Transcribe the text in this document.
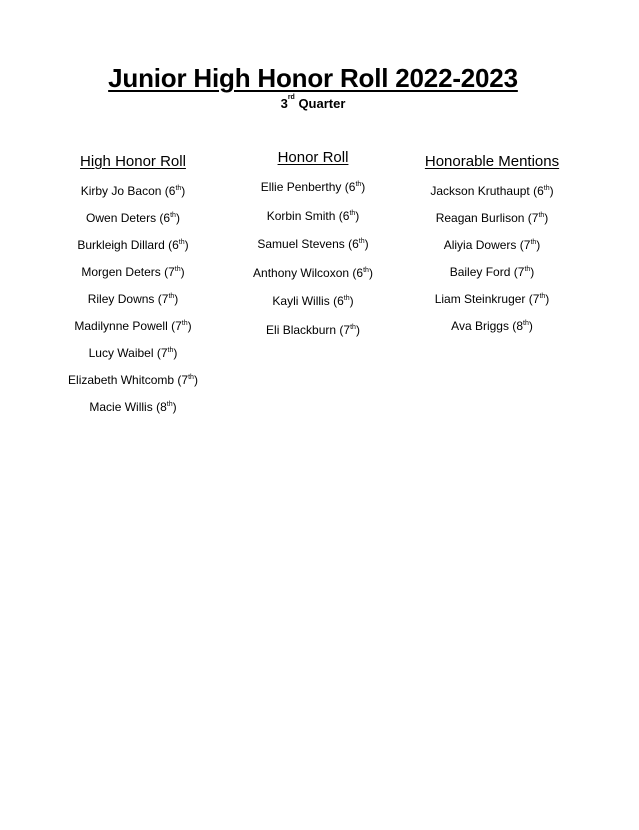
Junior High Honor Roll 2022-2023
3rd Quarter
High Honor Roll
Kirby Jo Bacon (6th)
Owen Deters (6th)
Burkleigh Dillard (6th)
Morgen Deters (7th)
Riley Downs (7th)
Madilynne Powell (7th)
Lucy Waibel (7th)
Elizabeth Whitcomb (7th)
Macie Willis (8th)
Honor Roll
Ellie Penberthy (6th)
Korbin Smith (6th)
Samuel Stevens (6th)
Anthony Wilcoxon (6th)
Kayli Willis (6th)
Eli Blackburn (7th)
Honorable Mentions
Jackson Kruthaupt (6th)
Reagan Burlison (7th)
Aliyia Dowers (7th)
Bailey Ford (7th)
Liam Steinkruger (7th)
Ava Briggs (8th)
